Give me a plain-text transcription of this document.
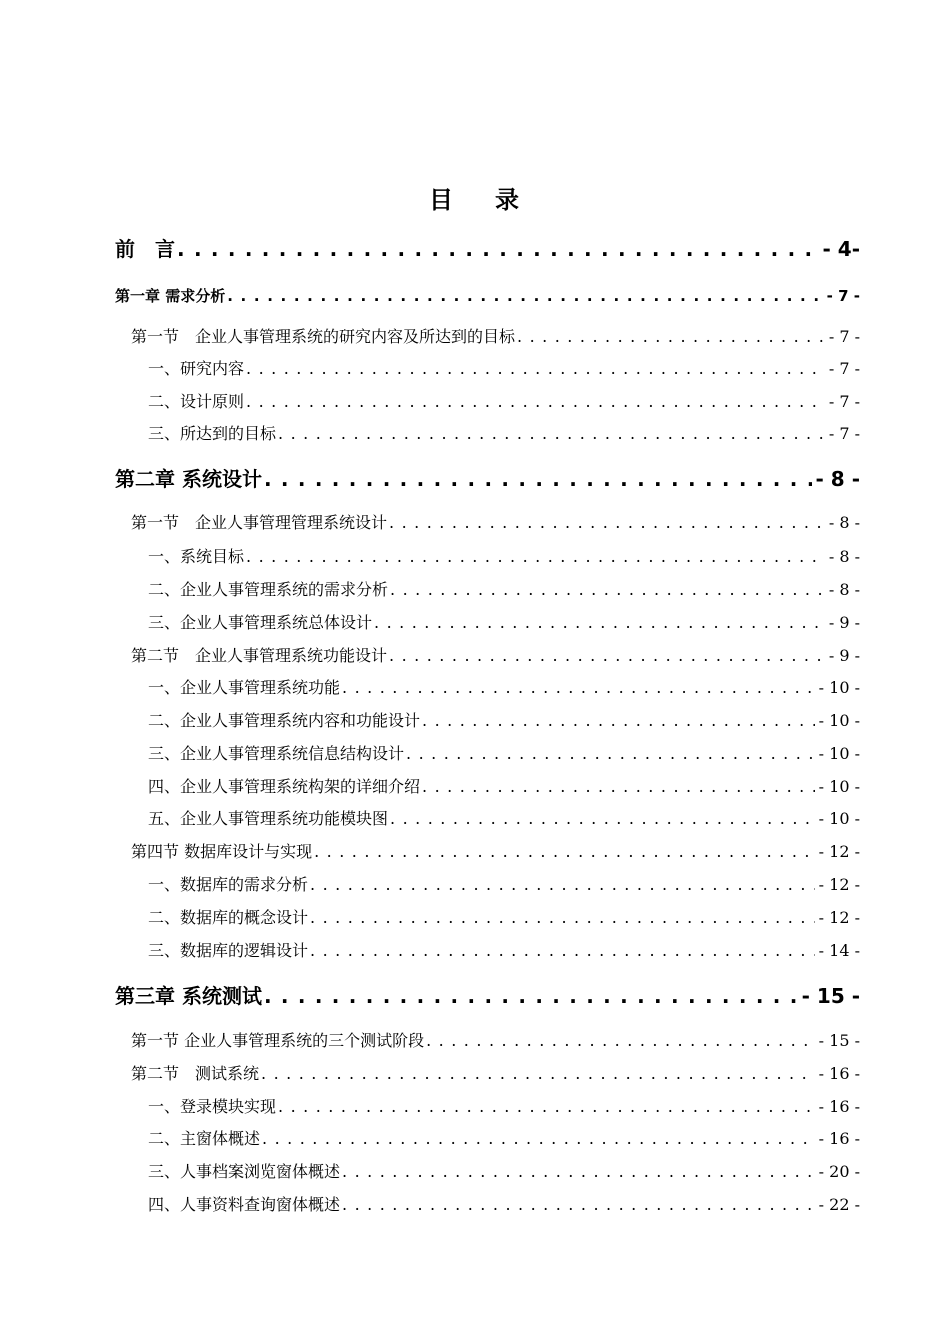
目 录
前　言 . . .	- 4-
第一章 需求分析 . . .	- 7 -
第一节　企业人事管理系统的研究内容及所达到的目标 . . .	- 7 -
一、研究内容 . . .	- 7 -
二、设计原则 . . .	- 7 -
三、所达到的目标 . . .	- 7 -
第二章 系统设计 . . .	- 8 -
第一节　企业人事管理管理系统设计 . . .	- 8 -
一、系统目标 . . .	- 8 -
二、企业人事管理系统的需求分析 . . .	- 8 -
三、企业人事管理系统总体设计 . . .	- 9 -
第二节　企业人事管理系统功能设计 . . .	- 9 -
一、企业人事管理系统功能 . . .	- 10 -
二、企业人事管理系统内容和功能设计 . . .	- 10 -
三、企业人事管理系统信息结构设计 . . .	- 10 -
四、企业人事管理系统构架的详细介绍 . . .	- 10 -
五、企业人事管理系统功能模块图 . . .	- 10 -
第四节 数据库设计与实现 . . .	- 12 -
一、数据库的需求分析 . . .	- 12 -
二、数据库的概念设计 . . .	- 12 -
三、数据库的逻辑设计 . . .	- 14 -
第三章 系统测试 . . .	- 15 -
第一节 企业人事管理系统的三个测试阶段 . . .	- 15 -
第二节　测试系统 . . .	- 16 -
一、登录模块实现 . . .	- 16 -
二、主窗体概述 . . .	- 16 -
三、人事档案浏览窗体概述 . . .	- 20 -
四、人事资料查询窗体概述 . . .	- 22 -
